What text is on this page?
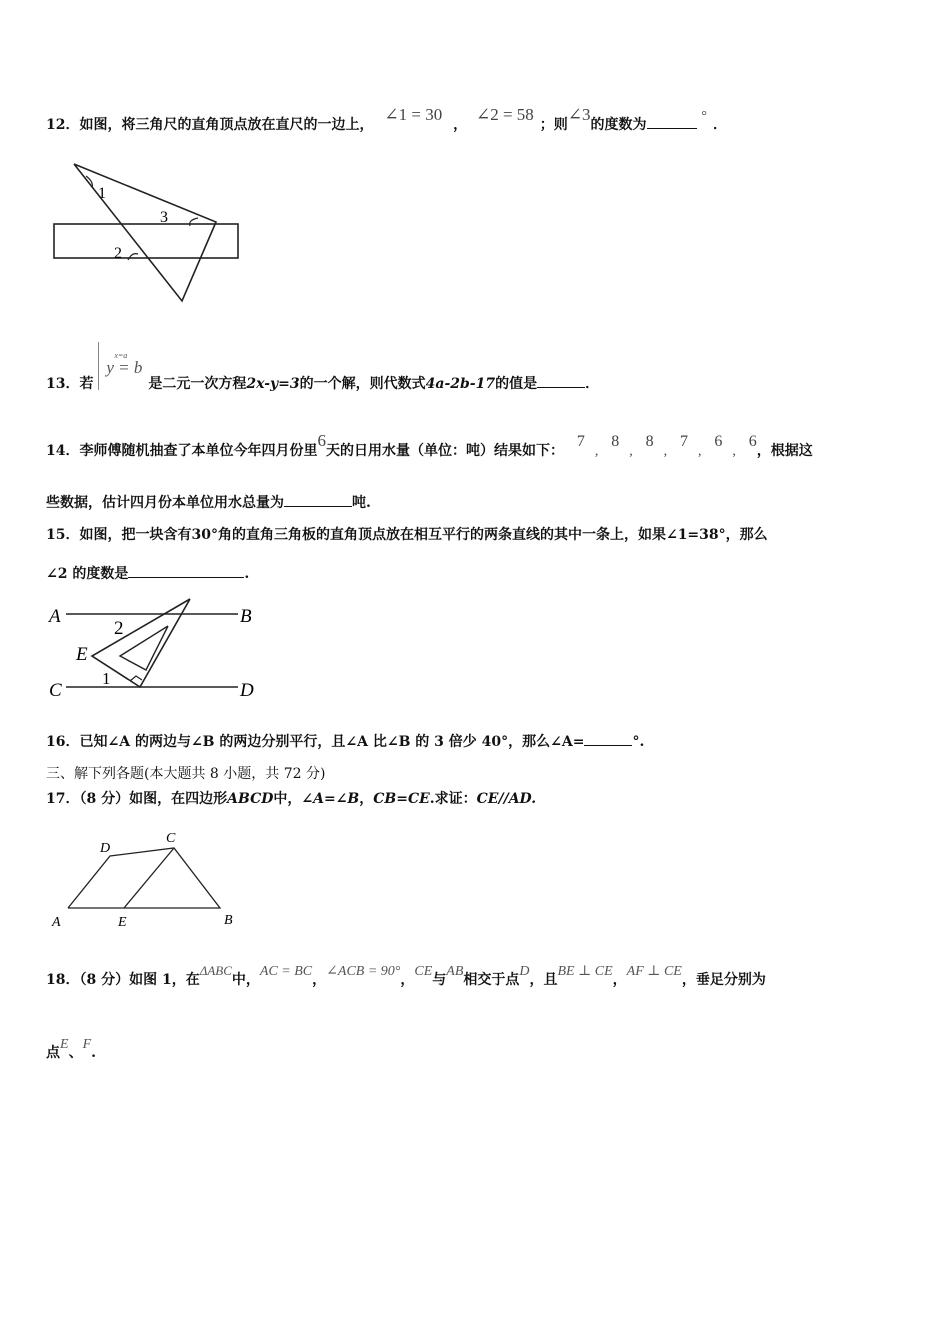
12．如图，将三角尺的直角顶点放在直尺的一边上， ∠1 = 30 ， ∠2 = 58；则∠3的度数为 °．
1
3
2
13．若
x=a
y = b
是二元一次方程2x-y=3的一个解，则代数式4a-2b-17的值是	．
14．李师傅随机抽查了本单位今年四月份里6天的日用水量（单位：吨）结果如下： 7, 8, 8, 7, 6, 6，根据这
些数据，估计四月份本单位用水总量为	吨.
15．如图，把一块含有30°角的直角三角板的直角顶点放在相互平行的两条直线的其中一条上，如果∠1=38°，那么
∠2 的度数是	.
A	B
2
E
C
1
D
16．已知∠A 的两边与∠B 的两边分别平行，且∠A 比∠B 的 3 倍少 40°，那么∠A=	°.
三、解下列各题(本大题共 8 小题，共 72 分)
17．（8 分）如图，在四边形ABCD中，∠A=∠B，CB=CE.求证：CE//AD.
D
C
A	E	B
18．（8 分）如图 1，在ΔABC中，AC = BC，∠ACB = 90°，CE与AB相交于点D，且BE ⊥ CE，AF ⊥ CE，垂足分别为
点E、F.
